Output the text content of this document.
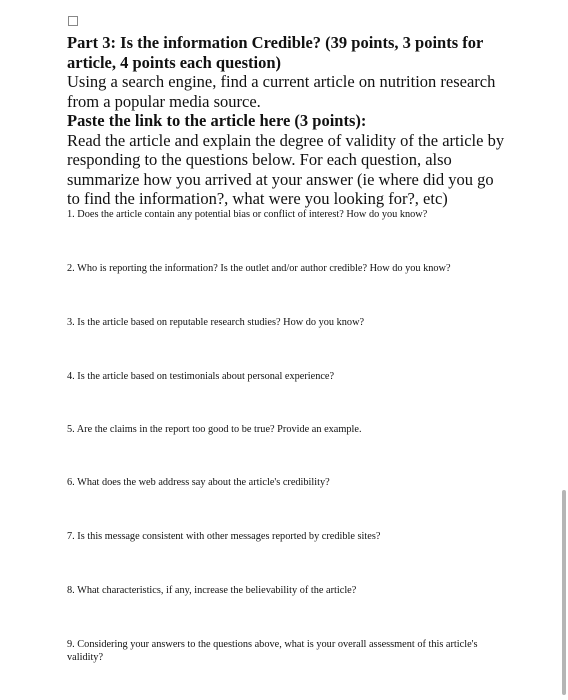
Part 3: Is the information Credible? (39 points, 3 points for article, 4 points each question)

Using a search engine, find a current article on nutrition research from a popular media source.

Paste the link to the article here (3 points):

Read the article and explain the degree of validity of the article by responding to the questions below. For each question, also summarize how you arrived at your answer (ie where did you go to find the information?, what were you looking for?, etc)

1. Does the article contain any potential bias or conflict of interest? How do you know?

2. Who is reporting the information? Is the outlet and/or author credible? How do you know?

3. Is the article based on reputable research studies? How do you know?

4. Is the article based on testimonials about personal experience?

5. Are the claims in the report too good to be true? Provide an example.

6. What does the web address say about the article's credibility?

7. Is this message consistent with other messages reported by credible sites?

8. What characteristics, if any, increase the believability of the article?

9. Considering your answers to the questions above, what is your overall assessment of this article's validity?
